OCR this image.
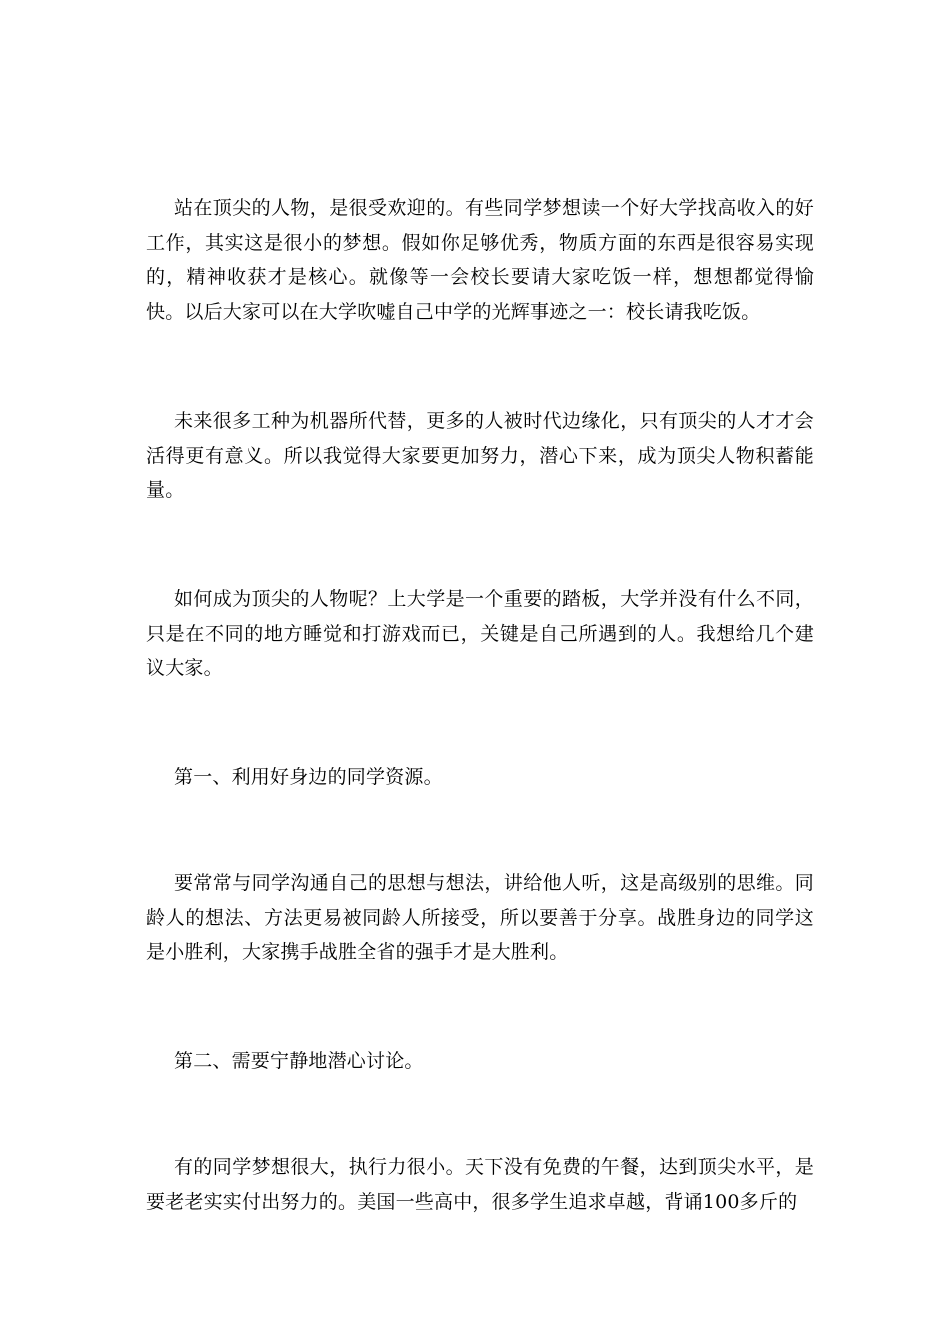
站在顶尖的人物，是很受欢迎的。有些同学梦想读一个好大学找高收入的好工作，其实这是很小的梦想。假如你足够优秀，物质方面的东西是很容易实现的，精神收获才是核心。就像等一会校长要请大家吃饭一样，想想都觉得愉快。以后大家可以在大学吹嘘自己中学的光辉事迹之一：校长请我吃饭。

未来很多工种为机器所代替，更多的人被时代边缘化，只有顶尖的人才才会活得更有意义。所以我觉得大家要更加努力，潜心下来，成为顶尖人物积蓄能量。

如何成为顶尖的人物呢？上大学是一个重要的踏板，大学并没有什么不同，只是在不同的地方睡觉和打游戏而已，关键是自己所遇到的人。我想给几个建议大家。

第一、利用好身边的同学资源。

要常常与同学沟通自己的思想与想法，讲给他人听，这是高级别的思维。同龄人的想法、方法更易被同龄人所接受，所以要善于分享。战胜身边的同学这是小胜利，大家携手战胜全省的强手才是大胜利。

第二、需要宁静地潜心讨论。

有的同学梦想很大，执行力很小。天下没有免费的午餐，达到顶尖水平，是要老老实实付出努力的。美国一些高中，很多学生追求卓越，背诵100多斤的
